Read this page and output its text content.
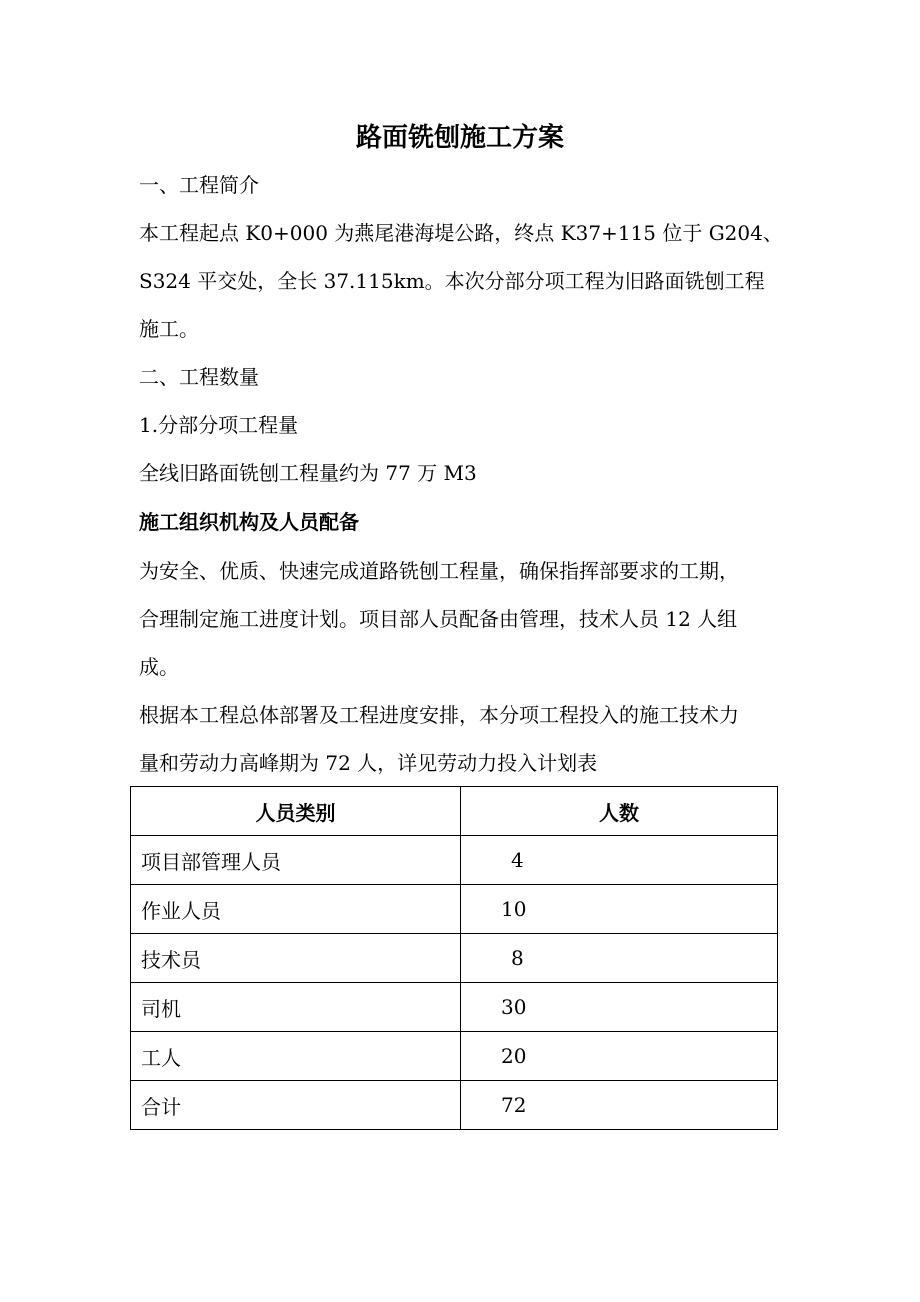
路面铣刨施工方案
一、工程简介
本工程起点 K0+000 为燕尾港海堤公路，终点 K37+115 位于 G204、
S324 平交处，全长 37.115km。本次分部分项工程为旧路面铣刨工程
施工。
二、工程数量
1.分部分项工程量
全线旧路面铣刨工程量约为 77 万 M3
施工组织机构及人员配备
为安全、优质、快速完成道路铣刨工程量，确保指挥部要求的工期，
合理制定施工进度计划。项目部人员配备由管理，技术人员 12 人组
成。
根据本工程总体部署及工程进度安排，本分项工程投入的施工技术力
量和劳动力高峰期为 72 人，详见劳动力投入计划表
人员类别	人数
项目部管理人员	4
作业人员	10
技术员	8
司机	30
工人	20
合计	72
